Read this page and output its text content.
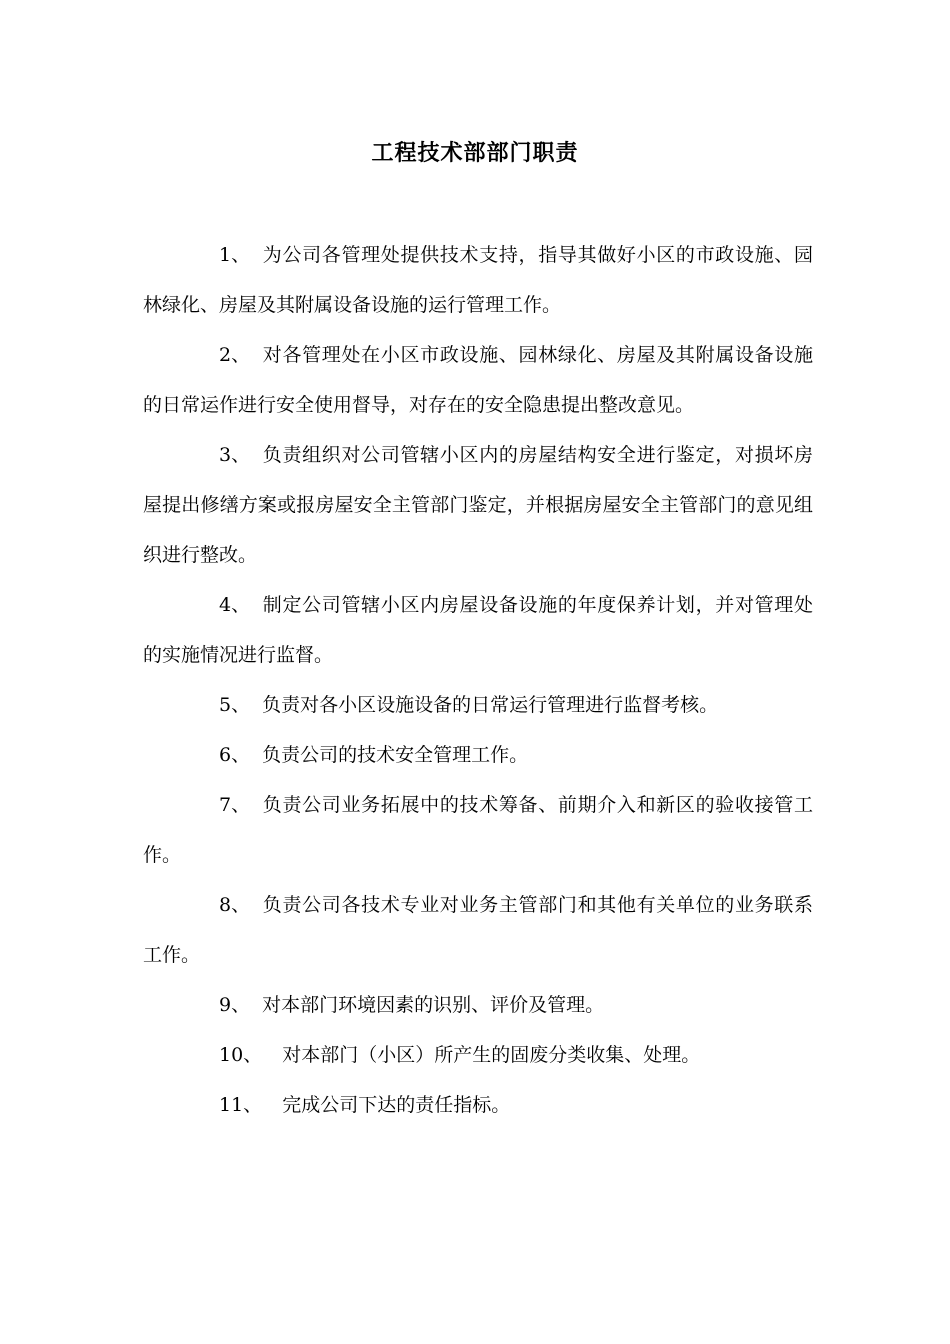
工程技术部部门职责

1、 为公司各管理处提供技术支持，指导其做好小区的市政设施、园林绿化、房屋及其附属设备设施的运行管理工作。

2、 对各管理处在小区市政设施、园林绿化、房屋及其附属设备设施的日常运作进行安全使用督导，对存在的安全隐患提出整改意见。

3、 负责组织对公司管辖小区内的房屋结构安全进行鉴定，对损坏房屋提出修缮方案或报房屋安全主管部门鉴定，并根据房屋安全主管部门的意见组织进行整改。

4、 制定公司管辖小区内房屋设备设施的年度保养计划，并对管理处的实施情况进行监督。

5、 负责对各小区设施设备的日常运行管理进行监督考核。

6、 负责公司的技术安全管理工作。

7、 负责公司业务拓展中的技术筹备、前期介入和新区的验收接管工作。

8、 负责公司各技术专业对业务主管部门和其他有关单位的业务联系工作。

9、 对本部门环境因素的识别、评价及管理。

10、 对本部门（小区）所产生的固废分类收集、处理。

11、 完成公司下达的责任指标。
